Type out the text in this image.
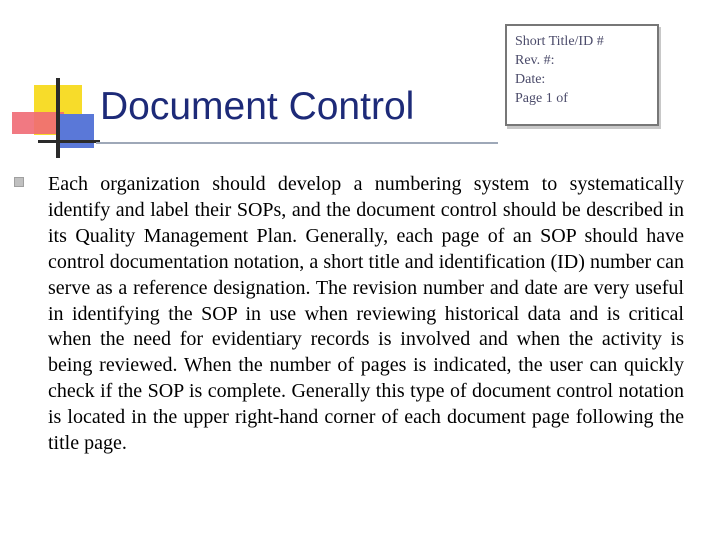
Document Control
Short Title/ID #
Rev. #:
Date:
Page 1 of

Each organization should develop a numbering system to systematically identify and label their SOPs, and the document control should be described in its Quality Management Plan. Generally, each page of an SOP should have control documentation notation, a short title and identification (ID) number can serve as a reference designation. The revision number and date are very useful in identifying the SOP in use when reviewing historical data and is critical when the need for evidentiary records is involved and when the activity is being reviewed. When the number of pages is indicated, the user can quickly check if the SOP is complete. Generally this type of document control notation is located in the upper right-hand corner of each document page following the title page.
